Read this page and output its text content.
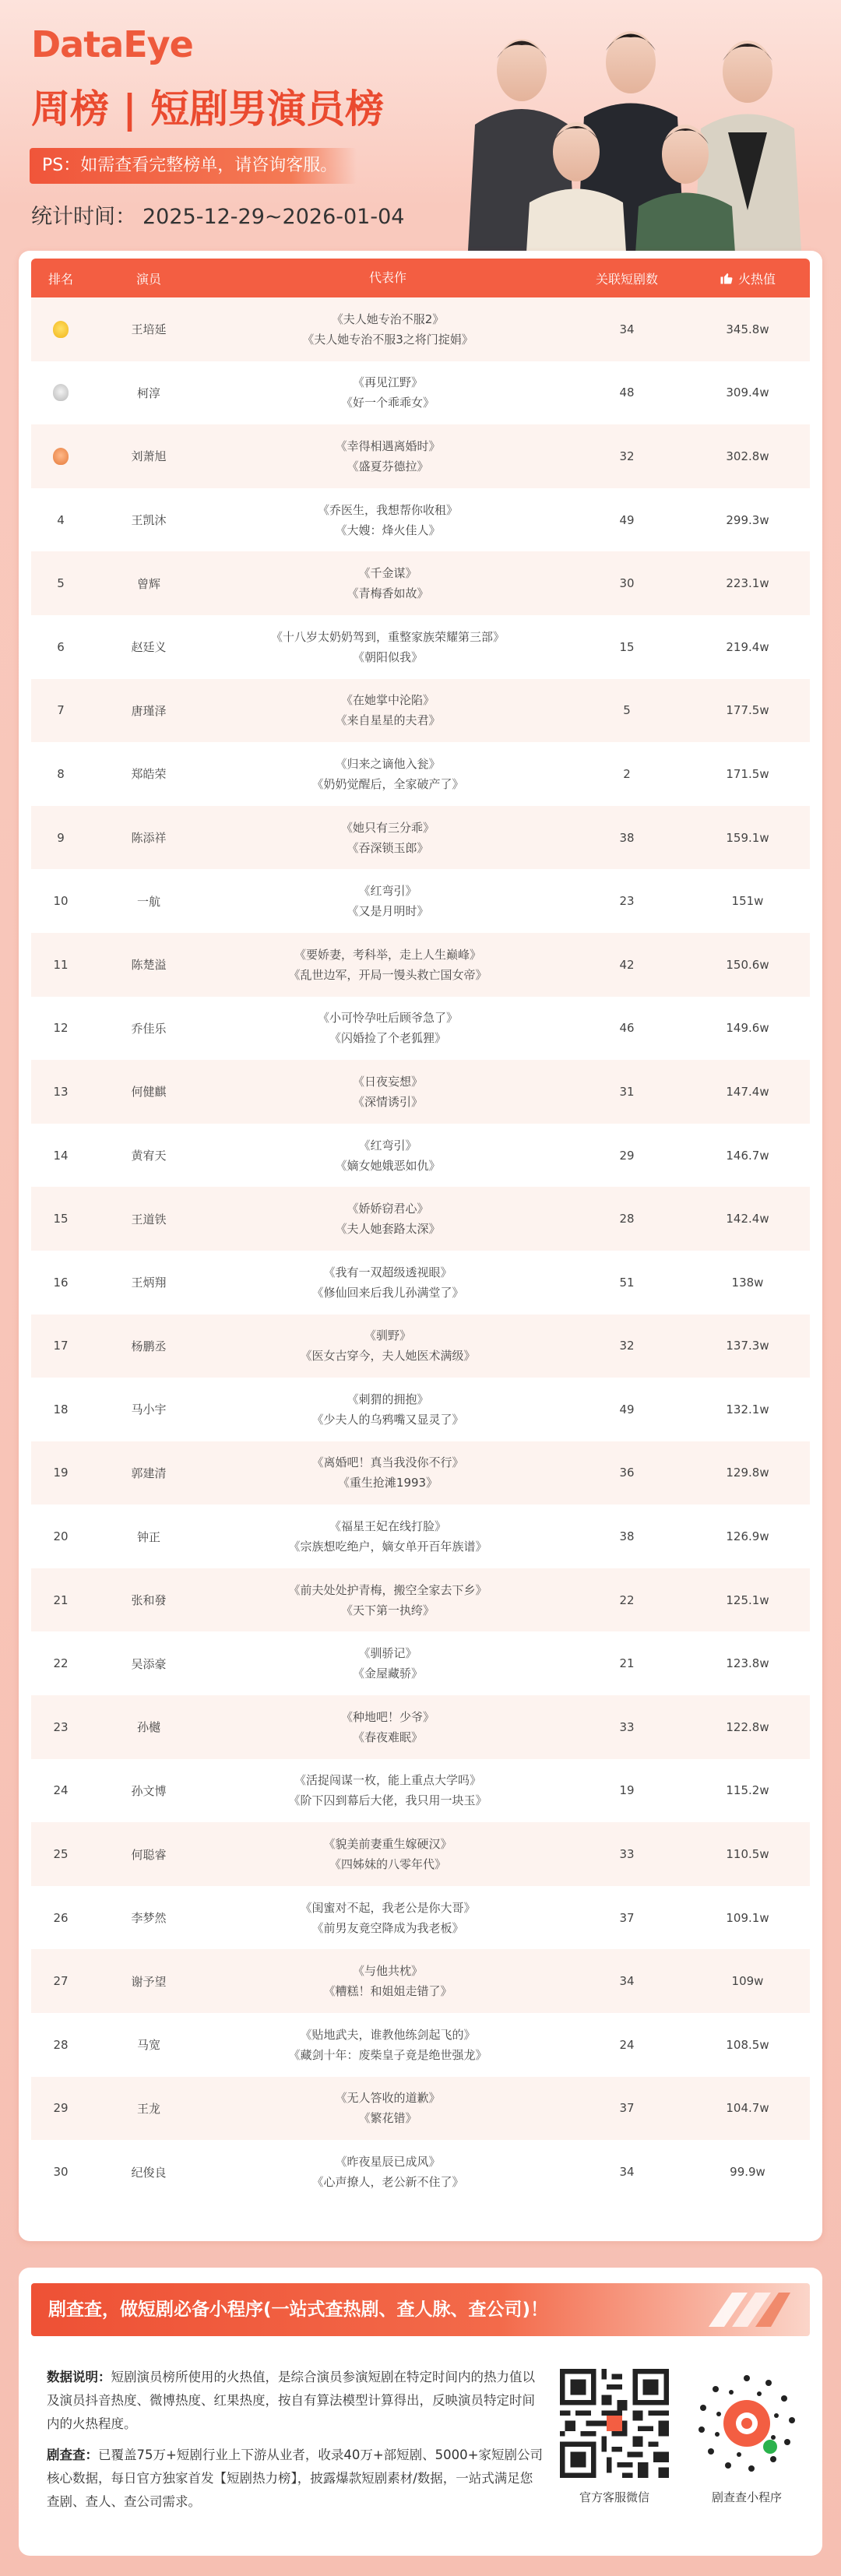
DataEye
周榜 | 短剧男演员榜
PS：如需查看完整榜单，请咨询客服。
统计时间： 2025-12-29~2026-01-04
排名	演员	代表作	关联短剧数	火热值
王培延
《夫人她专治不服2》
《夫人她专治不服3之将门掟娟》
34	345.8w
柯淳
《再见江野》
《好一个乖乖女》
48	309.4w
刘萧旭
《幸得相遇离婚时》
《盛夏芬德拉》
32	302.8w
4	王凯沐
《乔医生，我想帮你收租》
《大嫂：烽火佳人》
49	299.3w
5	曾辉
《千金谋》
《青梅香如故》
30	223.1w
6	赵廷义
《十八岁太奶奶驾到，重整家族荣耀第三部》
《朝阳似我》
15	219.4w
7	唐瑾泽
《在她掌中沦陷》
《来自星星的夫君》
5	177.5w
8	郑皓荣
《归来之谪他入瓮》
《奶奶觉醒后，全家破产了》
2	171.5w
9	陈添祥
《她只有三分乖》
《吞深锁玉郎》
38	159.1w
10	一航
《红弯引》
《又是月明时》
23	151w
11	陈楚溢
《要娇妻，考科举，走上人生巅峰》
《乱世边军，开局一馒头救亡国女帝》
42	150.6w
12	乔佳乐
《小可怜孕吐后顾爷急了》
《闪婚捡了个老狐狸》
46	149.6w
13	何健麒
《日夜妄想》
《深情诱引》
31	147.4w
14	黄宥天
《红弯引》
《嫡女她娥恶如仇》
29	146.7w
15	王道铁
《娇娇窃君心》
《夫人她套路太深》
28	142.4w
16	王炳翔
《我有一双超级透视眼》
《修仙回来后我儿孙满堂了》
51	138w
17	杨鹏丞
《驯野》
《医女古穿今，夫人她医术满级》
32	137.3w
18	马小宇
《刺猬的拥抱》
《少夫人的乌鸦嘴又显灵了》
49	132.1w
19	郭建清
《离婚吧！真当我没你不行》
《重生抢滩1993》
36	129.8w
20	钟正
《福星王妃在线打脸》
《宗族想吃绝户，嫡女单开百年族谱》
38	126.9w
21	张和發
《前夫处处护青梅，搬空全家去下乡》
《天下第一执绔》
22	125.1w
22	吴添豪
《驯骄记》
《金屋藏骄》
21	123.8w
23	孙樾
《种地吧！少爷》
《春夜难眠》
33	122.8w
24	孙文博
《活捉闯谋一枚，能上重点大学吗》
《阶下囚到幕后大佬，我只用一块玉》
19	115.2w
25	何聪睿
《貌美前妻重生嫁硬汉》
《四姊妹的八零年代》
33	110.5w
26	李梦然
《闺蜜对不起，我老公是你大哥》
《前男友竟空降成为我老板》
37	109.1w
27	谢予望
《与他共枕》
《糟糕！和姐姐走错了》
34	109w
28	马宽
《贴地武夫，谁教他练剑起飞的》
《藏剑十年：废柴皇子竟是绝世强龙》
24	108.5w
29	王龙
《无人答收的道歉》
《繁花错》
37	104.7w
30	纪俊良
《昨夜星辰已成风》
《心声撩人，老公新不住了》
34	99.9w
剧查查，做短剧必备小程序(一站式查热剧、查人脉、查公司)！

数据说明：短剧演员榜所使用的火热值，是综合演员参演短剧在特定时间内的热力值以及演员抖音热度、微博热度、红果热度，按自有算法模型计算得出，反映演员特定时间内的火热程度。

剧查查：已覆盖75万+短剧行业上下游从业者，收录40万+部短剧、5000+家短剧公司核心数据，每日官方独家首发【短剧热力榜】，披露爆款短剧素材/数据，一站式满足您查剧、查人、查公司需求。	官方客服微信	剧查查小程序
